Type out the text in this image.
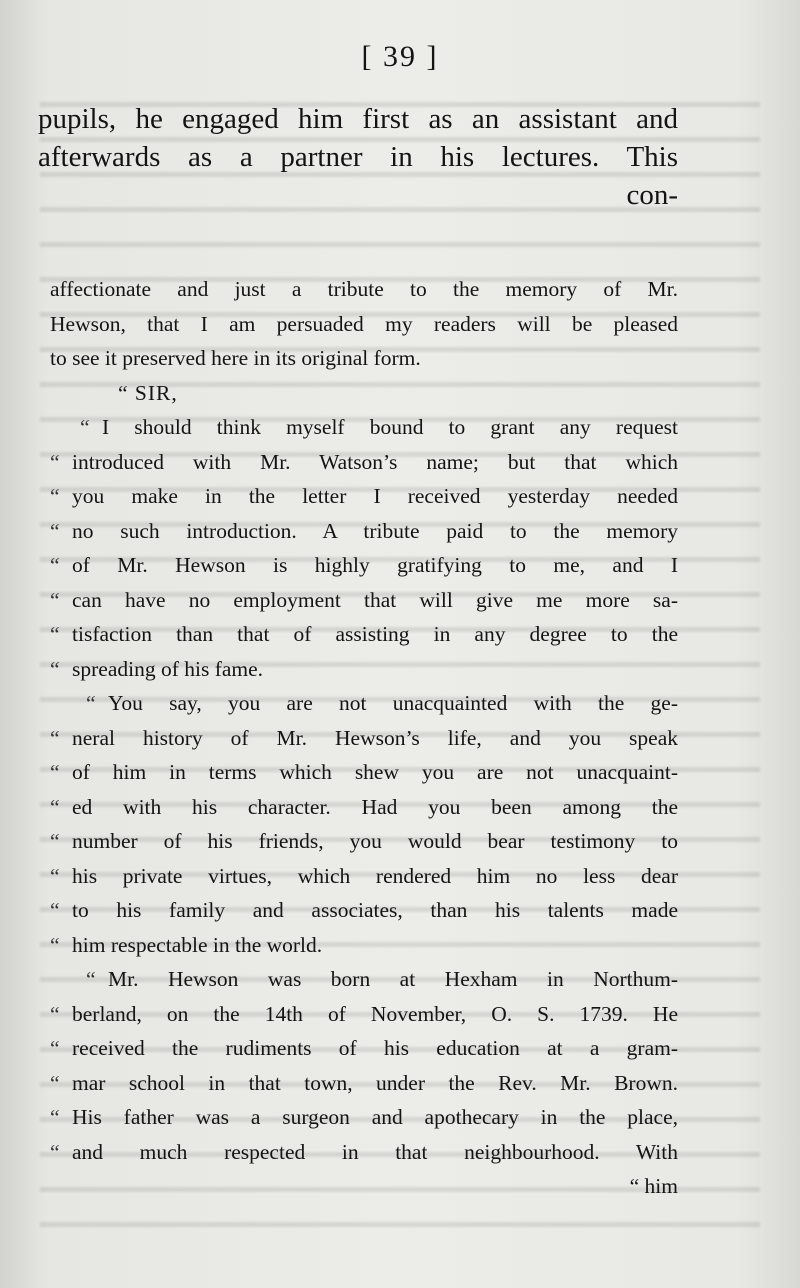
[ 39 ]
pupils, he engaged him first as an assistant and
afterwards as a partner in his lectures. This
con-
affectionate and just a tribute to the memory of Mr.
Hewson, that I am persuaded my readers will be pleased
to see it preserved here in its original form.
“ SIR,
“ I should think myself bound to grant any request
“ introduced with Mr. Watson’s name; but that which
“ you make in the letter I received yesterday needed
“ no such introduction. A tribute paid to the memory
“ of Mr. Hewson is highly gratifying to me, and I
“ can have no employment that will give me more sa-
“ tisfaction than that of assisting in any degree to the
“ spreading of his fame.
“ You say, you are not unacquainted with the ge-
“ neral history of Mr. Hewson’s life, and you speak
“ of him in terms which shew you are not unacquaint-
“ ed with his character. Had you been among the
“ number of his friends, you would bear testimony to
“ his private virtues, which rendered him no less dear
“ to his family and associates, than his talents made
“ him respectable in the world.
“ Mr. Hewson was born at Hexham in Northum-
“ berland, on the 14th of November, O. S. 1739. He
“ received the rudiments of his education at a gram-
“ mar school in that town, under the Rev. Mr. Brown.
“ His father was a surgeon and apothecary in the place,
“ and much respected in that neighbourhood. With
“ him
